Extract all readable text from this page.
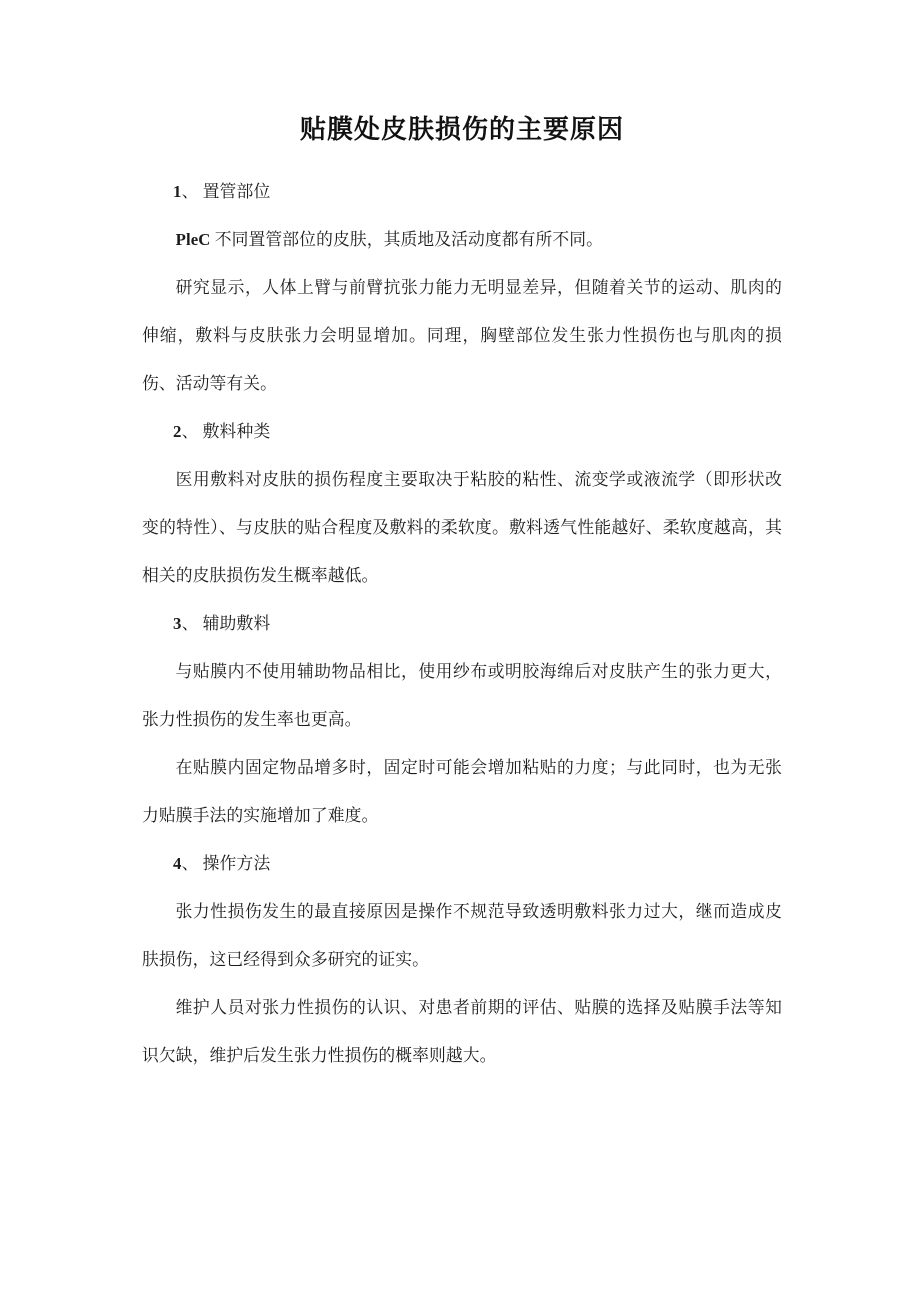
贴膜处皮肤损伤的主要原因
1、 置管部位

PleC 不同置管部位的皮肤，其质地及活动度都有所不同。

研究显示，人体上臂与前臂抗张力能力无明显差异，但随着关节的运动、肌肉的伸缩，敷料与皮肤张力会明显增加。同理，胸壁部位发生张力性损伤也与肌肉的损伤、活动等有关。

2、 敷料种类

医用敷料对皮肤的损伤程度主要取决于粘胶的粘性、流变学或液流学（即形状改变的特性）、与皮肤的贴合程度及敷料的柔软度。敷料透气性能越好、柔软度越高，其相关的皮肤损伤发生概率越低。

3、 辅助敷料

与贴膜内不使用辅助物品相比，使用纱布或明胶海绵后对皮肤产生的张力更大，张力性损伤的发生率也更高。

在贴膜内固定物品增多时，固定时可能会增加粘贴的力度；与此同时，也为无张力贴膜手法的实施增加了难度。

4、 操作方法

张力性损伤发生的最直接原因是操作不规范导致透明敷料张力过大，继而造成皮肤损伤，这已经得到众多研究的证实。

维护人员对张力性损伤的认识、对患者前期的评估、贴膜的选择及贴膜手法等知识欠缺，维护后发生张力性损伤的概率则越大。
